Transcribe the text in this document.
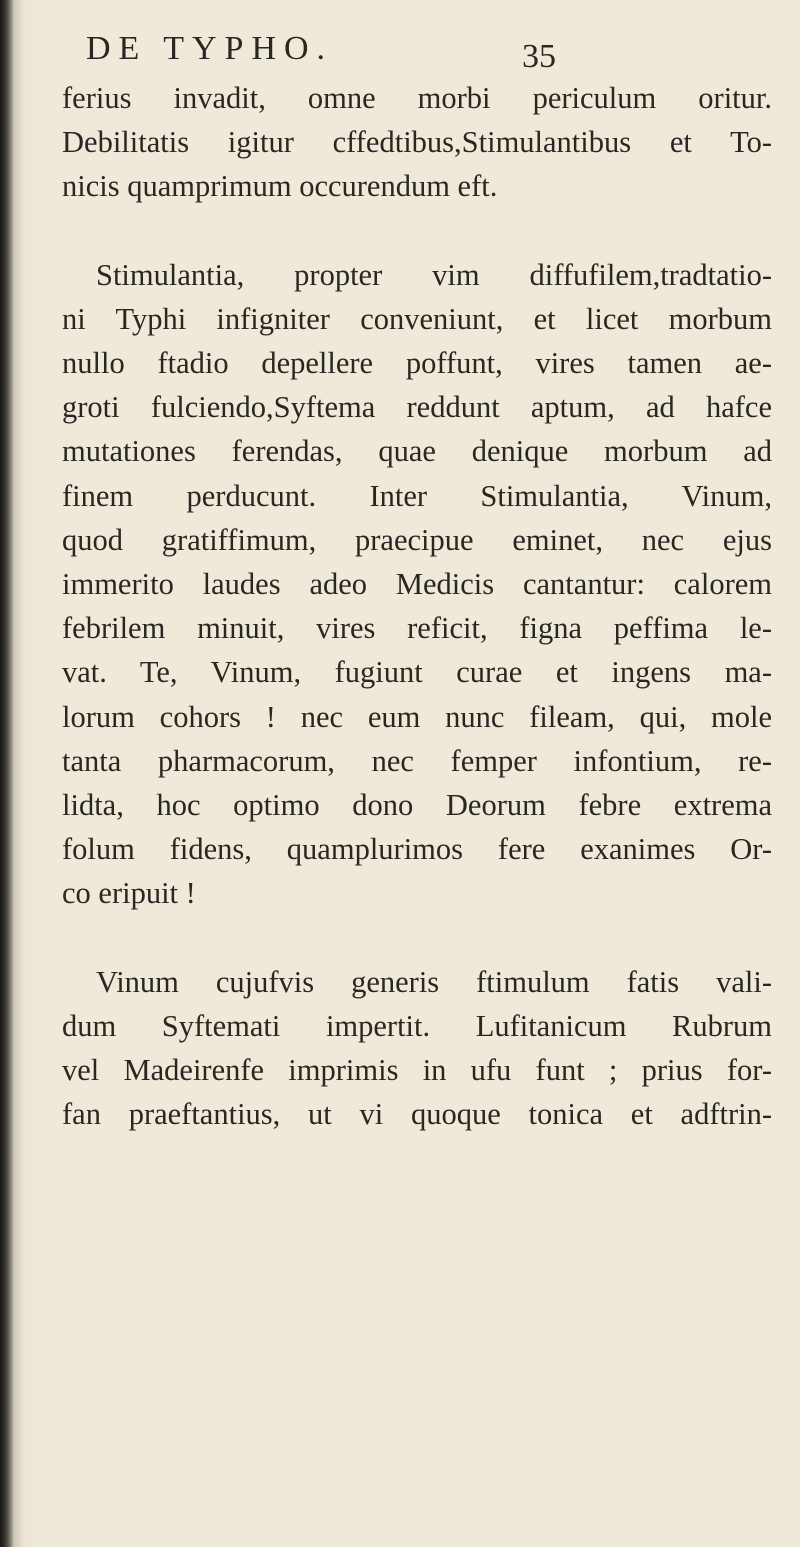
DE TYPHO.	35

ferius invadit, omne morbi periculum oritur.
Debilitatis igitur cffedtibus,Stimulantibus et To-
nicis quamprimum occurendum eft.

Stimulantia, propter vim diffufilem,tradtatio-
ni Typhi infigniter conveniunt, et licet morbum
nullo ftadio depellere poffunt, vires tamen ae-
groti fulciendo,Syftema reddunt aptum, ad hafce
mutationes ferendas, quae denique morbum ad
finem perducunt. Inter Stimulantia, Vinum,
quod gratiffimum, praecipue eminet, nec ejus
immerito laudes adeo Medicis cantantur: calorem
febrilem minuit, vires reficit, figna peffima le-
vat. Te, Vinum, fugiunt curae et ingens ma-
lorum cohors ! nec eum nunc fileam, qui, mole
tanta pharmacorum, nec femper infontium, re-
lidta, hoc optimo dono Deorum febre extrema
folum fidens, quamplurimos fere exanimes Or-
co eripuit !

Vinum cujufvis generis ftimulum fatis vali-
dum Syftemati impertit. Lufitanicum Rubrum
vel Madeirenfe imprimis in ufu funt ; prius for-
fan praeftantius, ut vi quoque tonica et adftrin-
